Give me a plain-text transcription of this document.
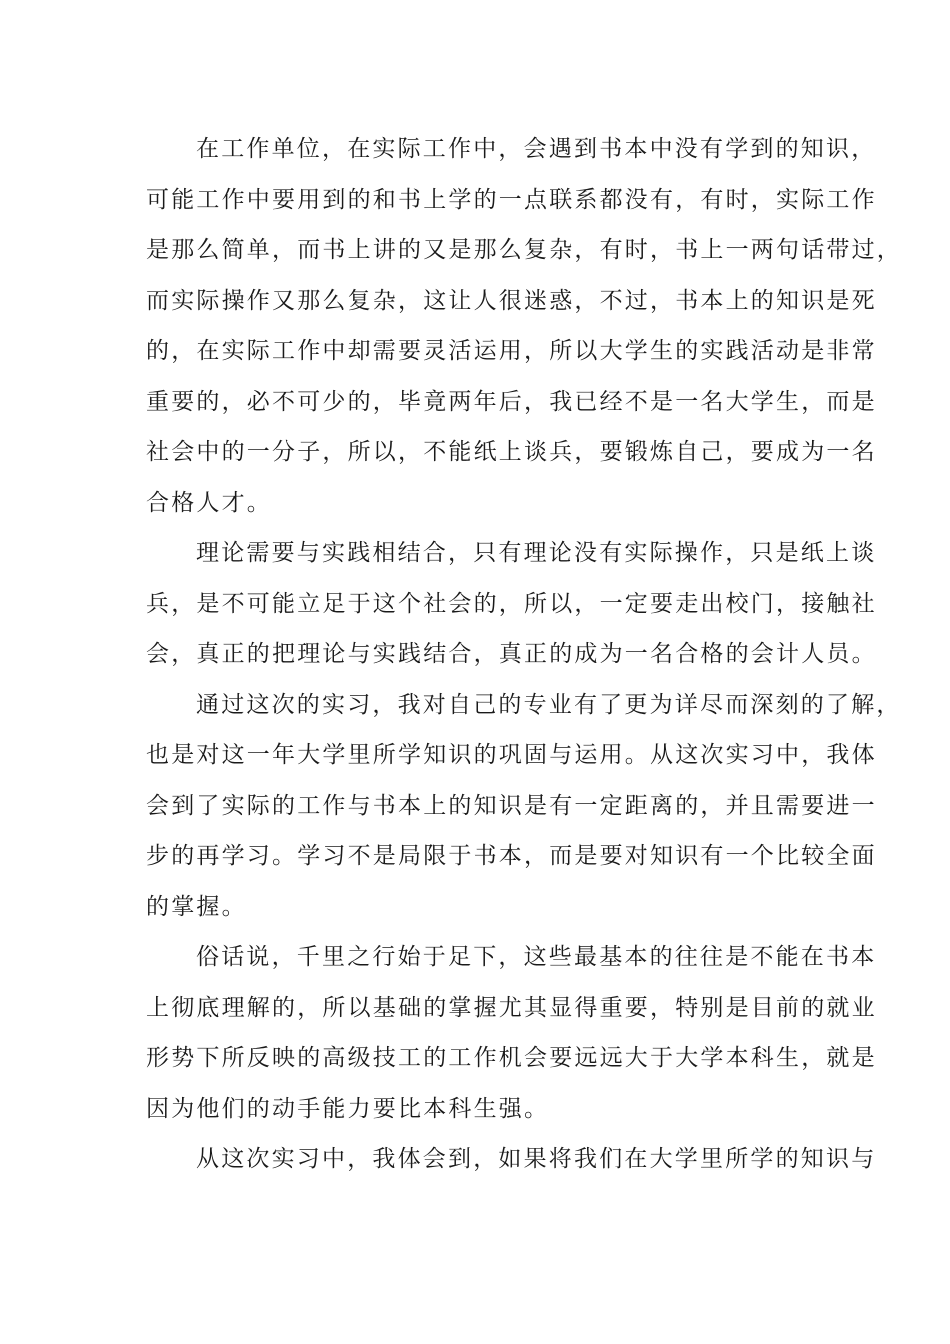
在工作单位，在实际工作中，会遇到书本中没有学到的知识，
可能工作中要用到的和书上学的一点联系都没有，有时，实际工作
是那么简单，而书上讲的又是那么复杂，有时，书上一两句话带过，
而实际操作又那么复杂，这让人很迷惑，不过，书本上的知识是死
的，在实际工作中却需要灵活运用，所以大学生的实践活动是非常
重要的，必不可少的，毕竟两年后，我已经不是一名大学生，而是
社会中的一分子，所以，不能纸上谈兵，要锻炼自己，要成为一名
合格人才。
理论需要与实践相结合，只有理论没有实际操作，只是纸上谈
兵，是不可能立足于这个社会的，所以，一定要走出校门，接触社
会，真正的把理论与实践结合，真正的成为一名合格的会计人员。
通过这次的实习，我对自己的专业有了更为详尽而深刻的了解，
也是对这一年大学里所学知识的巩固与运用。从这次实习中，我体
会到了实际的工作与书本上的知识是有一定距离的，并且需要进一
步的再学习。学习不是局限于书本，而是要对知识有一个比较全面
的掌握。
俗话说，千里之行始于足下，这些最基本的往往是不能在书本
上彻底理解的，所以基础的掌握尤其显得重要，特别是目前的就业
形势下所反映的高级技工的工作机会要远远大于大学本科生，就是
因为他们的动手能力要比本科生强。
从这次实习中，我体会到，如果将我们在大学里所学的知识与
